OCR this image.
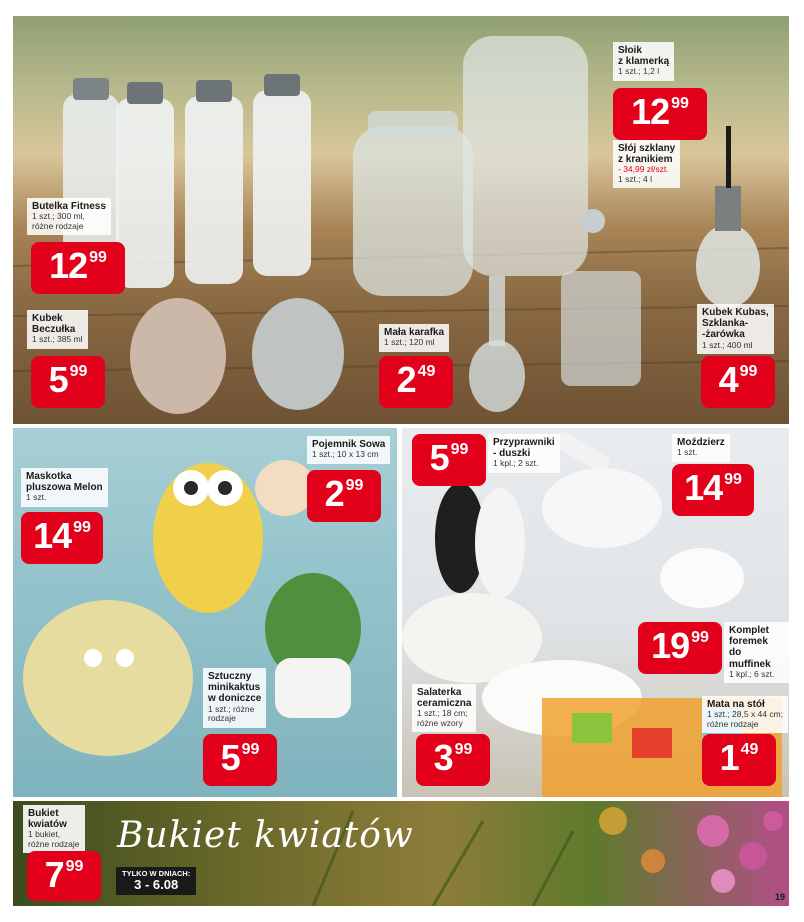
Butelka Fitness
1 szt.; 300 ml,
różne rodzaje
12 99
Słoik
z klamerką
1 szt.; 1,2 l
12 99
Słój szklany
z kranikiem
- 34,99 zł/szt.
1 szt.; 4 l
Kubek
Beczułka
1 szt.; 385 ml
5 99
Mała karafka
1 szt.; 120 ml
2 49
Kubek Kubas,
Szklanka-
-żarówka
1 szt.; 400 ml
4 99
Pojemnik Sowa
1 szt.; 10 x 13 cm
2 99
Maskotka
pluszowa Melon
1 szt.
14 99
Sztuczny
minikaktus
w doniczce
1 szt.; różne
rodzaje
5 99
5 99 Przyprawniki
- duszki
1 kpl.; 2 szt.
Moździerz
1 szt.
14 99
19 99 Komplet
foremek
do muffinek
1 kpl.; 6 szt.
Salaterka
ceramiczna
1 szt.; 18 cm;
różne wzory
3 99
Mata na stół
1 szt.; 28,5 x 44 cm;
różne rodzaje
1 49
Bukiet
kwiatów
1 bukiet,
różne rodzaje
7 99
Bukiet kwiatów
TYLKO W DNIACH:
3 - 6.08
19
